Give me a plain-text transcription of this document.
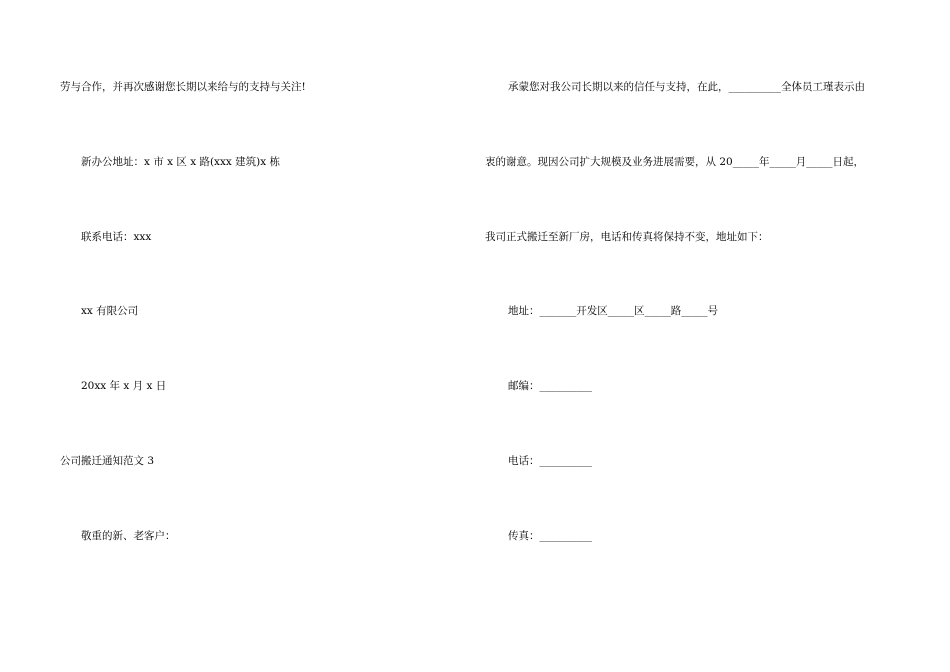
劳与合作，并再次感谢您长期以来给与的支持与关注!
新办公地址：x 市 x 区 x 路(xxx 建筑)x 栋
联系电话：xxx
xx 有限公司
20xx 年 x 月 x 日
公司搬迁通知范文 3
敬重的新、老客户：
承蒙您对我公司长期以来的信任与支持，在此，__________全体员工瑾表示由
衷的谢意。现因公司扩大规模及业务进展需要，从 20_____年_____月_____日起，
我司正式搬迁至新厂房，电话和传真将保持不变，地址如下：
地址：_______开发区_____区_____路_____号
邮编：__________
电话：__________
传真：__________
